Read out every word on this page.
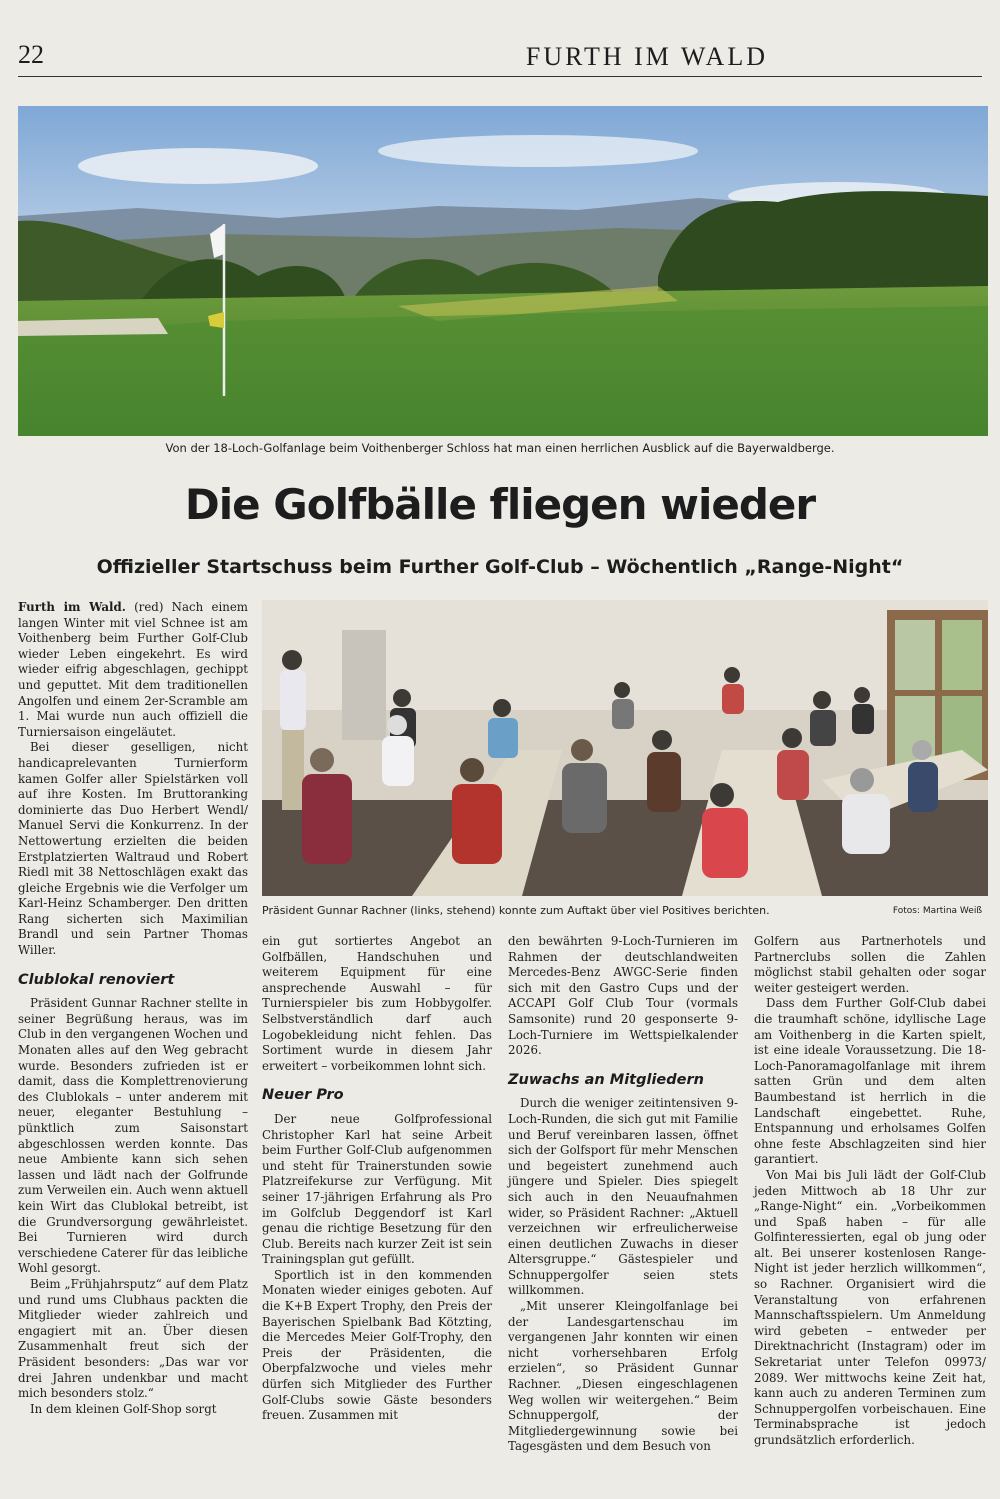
22	FURTH IM WALD
Von der 18-Loch-Golfanlage beim Voithenberger Schloss hat man einen herrlichen Ausblick auf die Bayerwaldberge.
Die Golfbälle fliegen wieder
Offizieller Startschuss beim Further Golf-Club – Wöchentlich „Range-Night“

Furth im Wald. (red) Nach einem langen Winter mit viel Schnee ist am Voithenberg beim Further Golf-Club wieder Leben eingekehrt. Es wird wieder eifrig abgeschlagen, gechippt und geputtet. Mit dem traditionellen Angolfen und einem 2er-Scramble am 1. Mai wurde nun auch offiziell die Turniersaison eingeläutet.

Bei dieser geselligen, nicht handicaprelevanten Turnierform kamen Golfer aller Spielstärken voll auf ihre Kosten. Im Bruttoranking dominierte das Duo Herbert Wendl/ Manuel Servi die Konkurrenz. In der Nettowertung erzielten die beiden Erstplatzierten Waltraud und Robert Riedl mit 38 Nettoschlägen exakt das gleiche Ergebnis wie die Verfolger um Karl-Heinz Schamberger. Den dritten Rang sicherten sich Maximilian Brandl und sein Partner Thomas Willer.

Clublokal renoviert

Präsident Gunnar Rachner stellte in seiner Begrüßung heraus, was im Club in den vergangenen Wochen und Monaten alles auf den Weg gebracht wurde. Besonders zufrieden ist er damit, dass die Komplettrenovierung des Clublokals – unter anderem mit neuer, eleganter Bestuhlung – pünktlich zum Saisonstart abgeschlossen werden konnte. Das neue Ambiente kann sich sehen lassen und lädt nach der Golfrunde zum Verweilen ein. Auch wenn aktuell kein Wirt das Clublokal betreibt, ist die Grundversorgung gewährleistet. Bei Turnieren wird durch verschiedene Caterer für das leibliche Wohl gesorgt.

Beim „Frühjahrsputz“ auf dem Platz und rund ums Clubhaus packten die Mitglieder wieder zahlreich und engagiert mit an. Über diesen Zusammenhalt freut sich der Präsident besonders: „Das war vor drei Jahren undenkbar und macht mich besonders stolz.“

In dem kleinen Golf-Shop sorgt

Präsident Gunnar Rachner (links, stehend) konnte zum Auftakt über viel Positives berichten.	Fotos: Martina Weiß

ein gut sortiertes Angebot an Golfbällen, Handschuhen und weiterem Equipment für eine ansprechende Auswahl – für Turnierspieler bis zum Hobbygolfer. Selbstverständlich darf auch Logobekleidung nicht fehlen. Das Sortiment wurde in diesem Jahr erweitert – vorbeikommen lohnt sich.

Neuer Pro

Der neue Golfprofessional Christopher Karl hat seine Arbeit beim Further Golf-Club aufgenommen und steht für Trainerstunden sowie Platzreifekurse zur Verfügung. Mit seiner 17-jährigen Erfahrung als Pro im Golfclub Deggendorf ist Karl genau die richtige Besetzung für den Club. Bereits nach kurzer Zeit ist sein Trainingsplan gut gefüllt.

Sportlich ist in den kommenden Monaten wieder einiges geboten. Auf die K+B Expert Trophy, den Preis der Bayerischen Spielbank Bad Kötzting, die Mercedes Meier Golf-Trophy, den Preis der Präsidenten, die Oberpfalzwoche und vieles mehr dürfen sich Mitglieder des Further Golf-Clubs sowie Gäste besonders freuen. Zusammen mit

den bewährten 9-Loch-Turnieren im Rahmen der deutschlandweiten Mercedes-Benz AWGC-Serie finden sich mit den Gastro Cups und der ACCAPI Golf Club Tour (vormals Samsonite) rund 20 gesponserte 9-Loch-Turniere im Wettspielkalender 2026.

Zuwachs an Mitgliedern

Durch die weniger zeitintensiven 9-Loch-Runden, die sich gut mit Familie und Beruf vereinbaren lassen, öffnet sich der Golfsport für mehr Menschen und begeistert zunehmend auch jüngere und Spieler. Dies spiegelt sich auch in den Neuaufnahmen wider, so Präsident Rachner: „Aktuell verzeichnen wir erfreulicherweise einen deutlichen Zuwachs in dieser Altersgruppe.“ Gästespieler und Schnuppergolfer seien stets willkommen.

„Mit unserer Kleingolfanlage bei der Landesgartenschau im vergangenen Jahr konnten wir einen nicht vorhersehbaren Erfolg erzielen“, so Präsident Gunnar Rachner. „Diesen eingeschlagenen Weg wollen wir weitergehen.“ Beim Schnuppergolf, der Mitgliedergewinnung sowie bei Tagesgästen und dem Besuch von

Golfern aus Partnerhotels und Partnerclubs sollen die Zahlen möglichst stabil gehalten oder sogar weiter gesteigert werden.

Dass dem Further Golf-Club dabei die traumhaft schöne, idyllische Lage am Voithenberg in die Karten spielt, ist eine ideale Voraussetzung. Die 18-Loch-Panoramagolfanlage mit ihrem satten Grün und dem alten Baumbestand ist herrlich in die Landschaft eingebettet. Ruhe, Entspannung und erholsames Golfen ohne feste Abschlagzeiten sind hier garantiert.

Von Mai bis Juli lädt der Golf-Club jeden Mittwoch ab 18 Uhr zur „Range-Night“ ein. „Vorbeikommen und Spaß haben – für alle Golfinteressierten, egal ob jung oder alt. Bei unserer kostenlosen Range-Night ist jeder herzlich willkommen“, so Rachner. Organisiert wird die Veranstaltung von erfahrenen Mannschaftsspielern. Um Anmeldung wird gebeten – entweder per Direktnachricht (Instagram) oder im Sekretariat unter Telefon 09973/ 2089. Wer mittwochs keine Zeit hat, kann auch zu anderen Terminen zum Schnuppergolfen vorbeischauen. Eine Terminabsprache ist jedoch grundsätzlich erforderlich.
